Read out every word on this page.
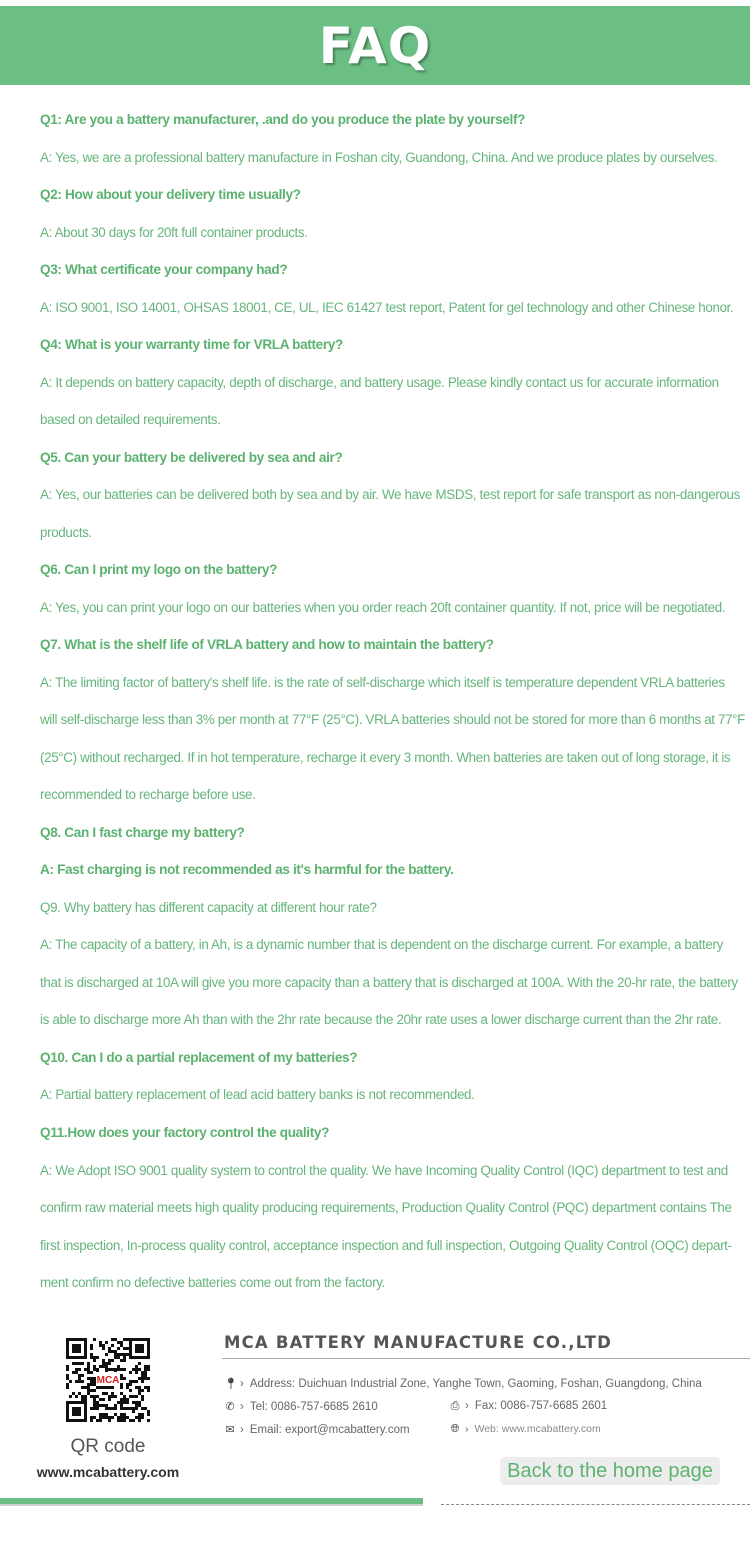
FAQ
Q1: Are you a battery manufacturer, .and do you produce the plate by yourself?
A: Yes, we are a professional battery manufacture in Foshan city, Guandong, China. And we produce plates by ourselves.
Q2: How about your delivery time usually?
A: About 30 days for 20ft full container products.
Q3: What certificate your company had?
A: ISO 9001, ISO 14001, OHSAS 18001, CE, UL, IEC 61427 test report, Patent for gel technology and other Chinese honor.
Q4: What is your warranty time for VRLA battery?
A: It depends on battery capacity, depth of discharge, and battery usage. Please kindly contact us for accurate information
based on detailed requirements.
Q5. Can your battery be delivered by sea and air?
A: Yes, our batteries can be delivered both by sea and by air. We have MSDS, test report for safe transport as non-dangerous
products.
Q6. Can I print my logo on the battery?
A: Yes, you can print your logo on our batteries when you order reach 20ft container quantity. If not, price will be negotiated.
Q7. What is the shelf life of VRLA battery and how to maintain the battery?
A: The limiting factor of battery's shelf life. is the rate of self-discharge which itself is temperature dependent VRLA batteries
will self-discharge less than 3% per month at 77°F (25°C). VRLA batteries should not be stored for more than 6 months at 77°F
(25°C) without recharged. If in hot temperature, recharge it every 3 month. When batteries are taken out of long storage, it is
recommended to recharge before use.
Q8. Can I fast charge my battery?
A: Fast charging is not recommended as it's harmful for the battery.
Q9. Why battery has different capacity at different hour rate?
A: The capacity of a battery, in Ah, is a dynamic number that is dependent on the discharge current. For example, a battery
that is discharged at 10A will give you more capacity than a battery that is discharged at 100A. With the 20-hr rate, the battery
is able to discharge more Ah than with the 2hr rate because the 20hr rate uses a lower discharge current than the 2hr rate.
Q10. Can I do a partial replacement of my batteries?
A: Partial battery replacement of lead acid battery banks is not recommended.
Q11.How does your factory control the quality?
A: We Adopt ISO 9001 quality system to control the quality. We have Incoming Quality Control (IQC) department to test and
confirm raw material meets high quality producing requirements, Production Quality Control (PQC) department contains The
first inspection, In-process quality control, acceptance inspection and full inspection, Outgoing Quality Control (OQC) depart-
ment confirm no defective batteries come out from the factory.
MCA
QR code
www.mcabattery.com
MCA BATTERY MANUFACTURE CO.,LTD
📍︎ › Address: Duichuan Industrial Zone, Yanghe Town, Gaoming, Foshan, Guangdong, China
✆ › Tel: 0086-757-6685 2610	⎙ › Fax: 0086-757-6685 2601
✉ › Email: export@mcabattery.com	🌐︎ › Web: www.mcabattery.com
Back to the home page
